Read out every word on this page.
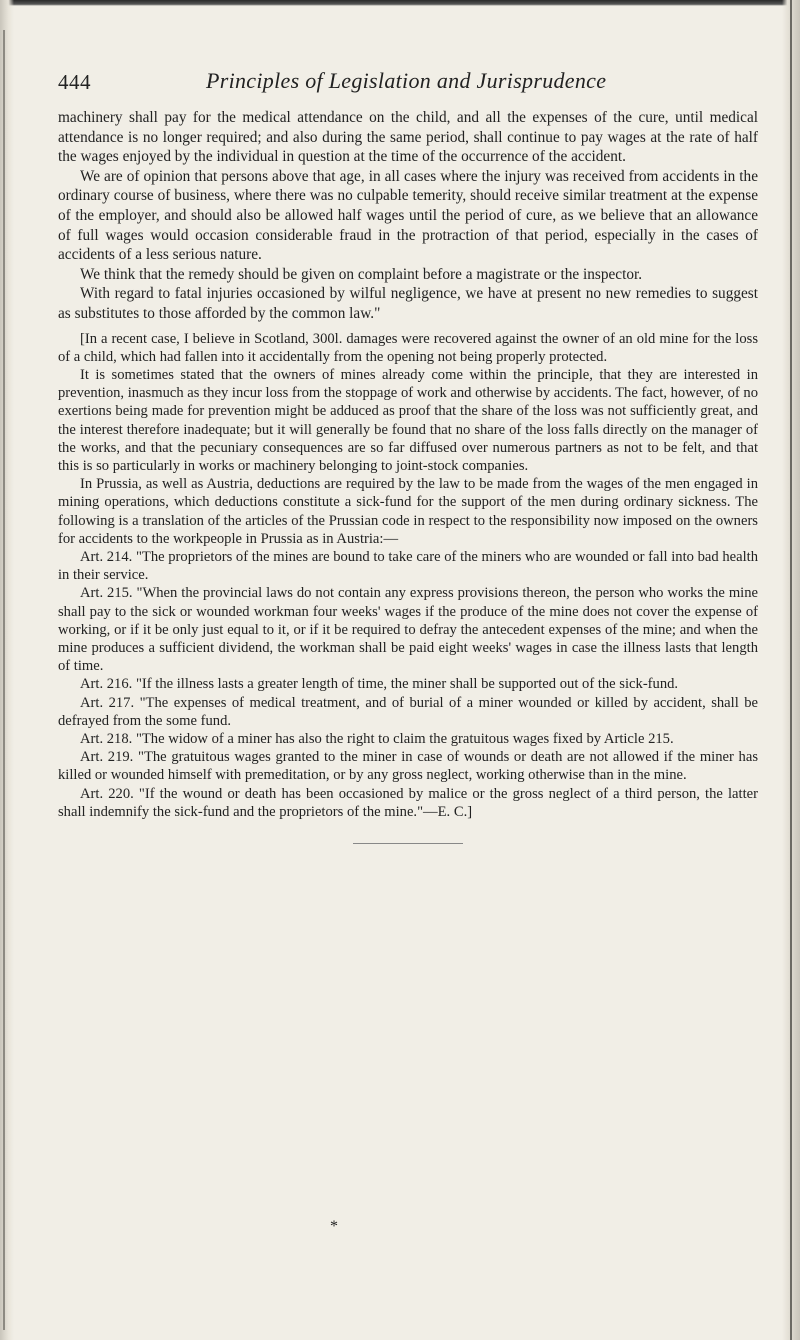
444	Principles of Legislation and Jurisprudence

machinery shall pay for the medical attendance on the child, and all the expenses of the cure, until medical attendance is no longer required; and also during the same period, shall continue to pay wages at the rate of half the wages enjoyed by the individual in question at the time of the occurrence of the accident.

We are of opinion that persons above that age, in all cases where the injury was received from accidents in the ordinary course of business, where there was no culpable temerity, should receive similar treatment at the expense of the employer, and should also be allowed half wages until the period of cure, as we believe that an allowance of full wages would occasion considerable fraud in the protraction of that period, especially in the cases of accidents of a less serious nature.

We think that the remedy should be given on complaint before a magistrate or the inspector.

With regard to fatal injuries occasioned by wilful negligence, we have at present no new remedies to suggest as substitutes to those afforded by the common law."

[In a recent case, I believe in Scotland, 300l. damages were recovered against the owner of an old mine for the loss of a child, which had fallen into it accidentally from the opening not being properly protected.

It is sometimes stated that the owners of mines already come within the principle, that they are interested in prevention, inasmuch as they incur loss from the stoppage of work and otherwise by accidents. The fact, however, of no exertions being made for prevention might be adduced as proof that the share of the loss was not sufficiently great, and the interest therefore inadequate; but it will generally be found that no share of the loss falls directly on the manager of the works, and that the pecuniary consequences are so far diffused over numerous partners as not to be felt, and that this is so particularly in works or machinery belonging to joint-stock companies.

In Prussia, as well as Austria, deductions are required by the law to be made from the wages of the men engaged in mining operations, which deductions constitute a sick-fund for the support of the men during ordinary sickness. The following is a translation of the articles of the Prussian code in respect to the responsibility now imposed on the owners for accidents to the workpeople in Prussia as in Austria:—

Art. 214. "The proprietors of the mines are bound to take care of the miners who are wounded or fall into bad health in their service.

Art. 215. "When the provincial laws do not contain any express provisions thereon, the person who works the mine shall pay to the sick or wounded workman four weeks' wages if the produce of the mine does not cover the expense of working, or if it be only just equal to it, or if it be required to defray the antecedent expenses of the mine; and when the mine produces a sufficient dividend, the workman shall be paid eight weeks' wages in case the illness lasts that length of time.

Art. 216. "If the illness lasts a greater length of time, the miner shall be supported out of the sick-fund.

Art. 217. "The expenses of medical treatment, and of burial of a miner wounded or killed by accident, shall be defrayed from the some fund.

Art. 218. "The widow of a miner has also the right to claim the gratuitous wages fixed by Article 215.

Art. 219. "The gratuitous wages granted to the miner in case of wounds or death are not allowed if the miner has killed or wounded himself with premeditation, or by any gross neglect, working otherwise than in the mine.

Art. 220. "If the wound or death has been occasioned by malice or the gross neglect of a third person, the latter shall indemnify the sick-fund and the proprietors of the mine."—E. C.]

*
